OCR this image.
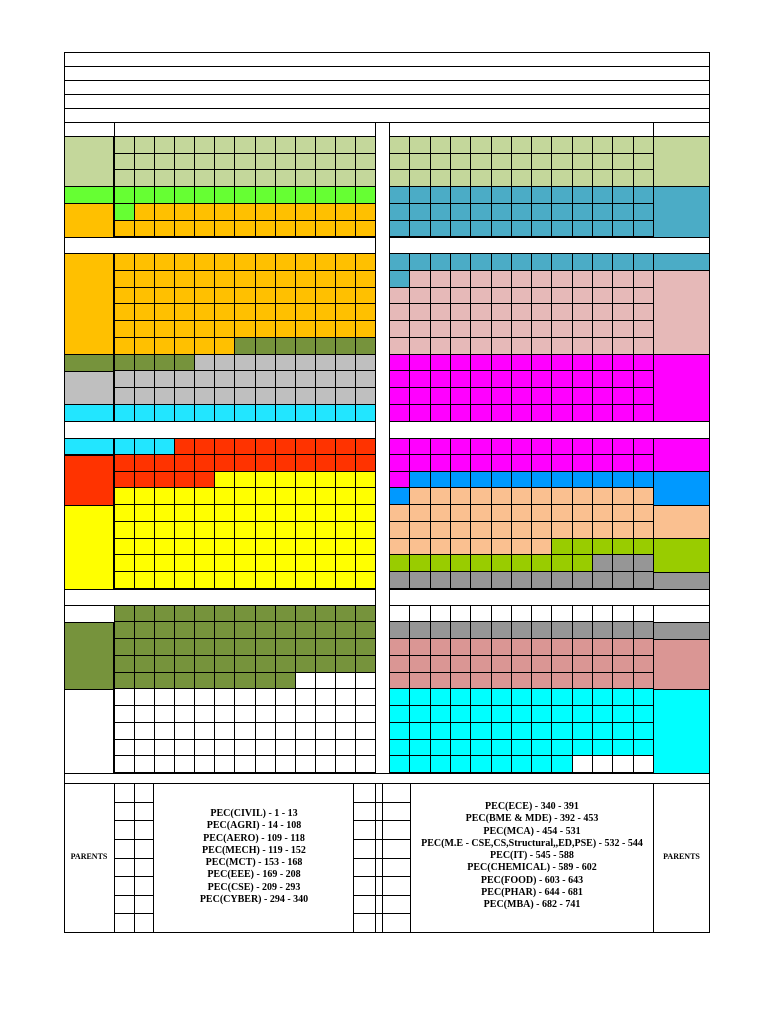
PARENTS	PARENTS
PEC(CIVIL) - 1 - 13
PEC(AGRI) - 14 - 108
PEC(AERO) - 109 - 118
PEC(MECH) - 119 - 152
PEC(MCT) - 153 - 168
PEC(EEE) - 169 - 208
PEC(CSE) - 209 - 293
PEC(CYBER) - 294 - 340
PEC(ECE) - 340 - 391
PEC(BME & MDE) - 392 - 453
PEC(MCA) - 454 - 531
PEC(M.E - CSE,CS,Structural,,ED,PSE) - 532 - 544
PEC(IT) - 545 - 588
PEC(CHEMICAL) - 589 - 602
PEC(FOOD) - 603 - 643
PEC(PHAR) - 644 - 681
PEC(MBA) - 682 - 741
